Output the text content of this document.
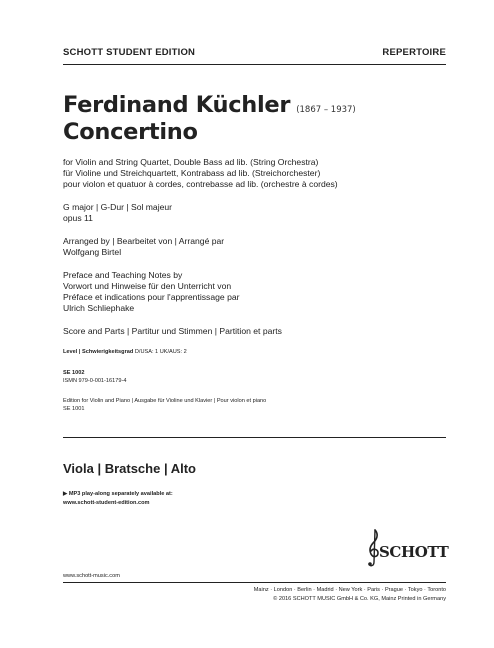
SCHOTT STUDENT EDITION	REPERTOIRE
Ferdinand Küchler (1867 – 1937)
Concertino
for Violin and String Quartet, Double Bass ad lib. (String Orchestra)
für Violine und Streichquartett, Kontrabass ad lib. (Streichorchester)
pour violon et quatuor à cordes, contrebasse ad lib. (orchestre à cordes)
G major | G-Dur | Sol majeur
opus 11
Arranged by | Bearbeitet von | Arrangé par
Wolfgang Birtel
Preface and Teaching Notes by
Vorwort und Hinweise für den Unterricht von
Préface et indications pour l'apprentissage par
Ulrich Schliephake
Score and Parts | Partitur und Stimmen | Partition et parts
Level | Schwierigkeitsgrad D/USA: 1 UK/AUS: 2
SE 1002
ISMN 979-0-001-16179-4
Edition for Violin and Piano | Ausgabe für Violine und Klavier | Pour violon et piano
SE 1001
Viola | Bratsche | Alto
▶ MP3 play-along separately available at:
www.schott-student-edition.com
SCHOTT
www.schott-music.com
Mainz · London · Berlin · Madrid · New York · Paris · Prague · Tokyo · Toronto
© 2016 SCHOTT MUSIC GmbH & Co. KG, Mainz Printed in Germany
